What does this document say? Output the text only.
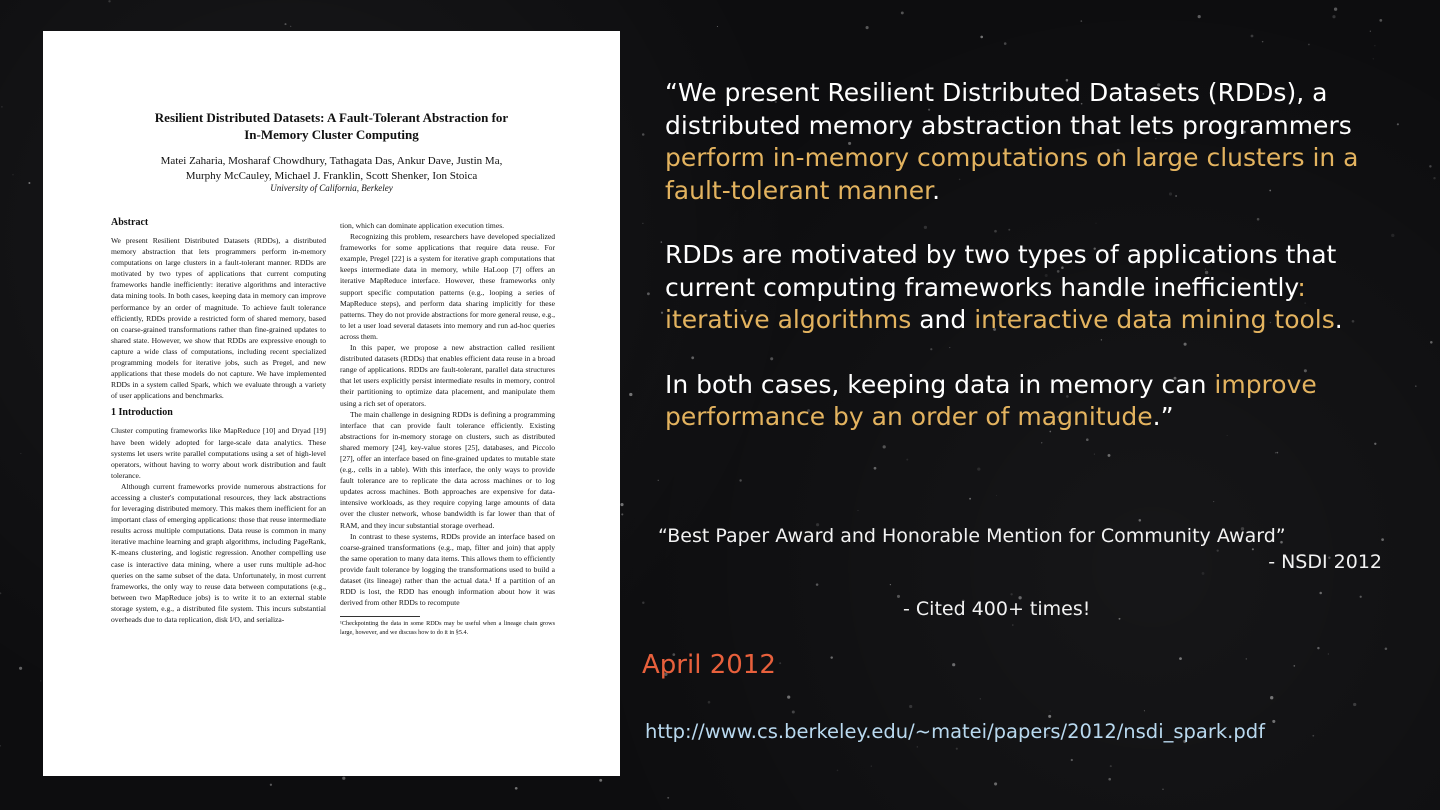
Resilient Distributed Datasets: A Fault-Tolerant Abstraction for
In-Memory Cluster Computing
Matei Zaharia, Mosharaf Chowdhury, Tathagata Das, Ankur Dave, Justin Ma,
Murphy McCauley, Michael J. Franklin, Scott Shenker, Ion Stoica
University of California, Berkeley
Abstract

We present Resilient Distributed Datasets (RDDs), a distributed memory abstraction that lets programmers perform in-memory computations on large clusters in a fault-tolerant manner. RDDs are motivated by two types of applications that current computing frameworks handle inefficiently: iterative algorithms and interactive data mining tools. In both cases, keeping data in memory can improve performance by an order of magnitude. To achieve fault tolerance efficiently, RDDs provide a restricted form of shared memory, based on coarse-grained transformations rather than fine-grained updates to shared state. However, we show that RDDs are expressive enough to capture a wide class of computations, including recent specialized programming models for iterative jobs, such as Pregel, and new applications that these models do not capture. We have implemented RDDs in a system called Spark, which we evaluate through a variety of user applications and benchmarks.

1 Introduction

Cluster computing frameworks like MapReduce [10] and Dryad [19] have been widely adopted for large-scale data analytics. These systems let users write parallel computations using a set of high-level operators, without having to worry about work distribution and fault tolerance.

Although current frameworks provide numerous abstractions for accessing a cluster's computational resources, they lack abstractions for leveraging distributed memory. This makes them inefficient for an important class of emerging applications: those that reuse intermediate results across multiple computations. Data reuse is common in many iterative machine learning and graph algorithms, including PageRank, K-means clustering, and logistic regression. Another compelling use case is interactive data mining, where a user runs multiple ad-hoc queries on the same subset of the data. Unfortunately, in most current frameworks, the only way to reuse data between computations (e.g., between two MapReduce jobs) is to write it to an external stable storage system, e.g., a distributed file system. This incurs substantial overheads due to data replication, disk I/O, and serializa-

tion, which can dominate application execution times.

Recognizing this problem, researchers have developed specialized frameworks for some applications that require data reuse. For example, Pregel [22] is a system for iterative graph computations that keeps intermediate data in memory, while HaLoop [7] offers an iterative MapReduce interface. However, these frameworks only support specific computation patterns (e.g., looping a series of MapReduce steps), and perform data sharing implicitly for these patterns. They do not provide abstractions for more general reuse, e.g., to let a user load several datasets into memory and run ad-hoc queries across them.

In this paper, we propose a new abstraction called resilient distributed datasets (RDDs) that enables efficient data reuse in a broad range of applications. RDDs are fault-tolerant, parallel data structures that let users explicitly persist intermediate results in memory, control their partitioning to optimize data placement, and manipulate them using a rich set of operators.

The main challenge in designing RDDs is defining a programming interface that can provide fault tolerance efficiently. Existing abstractions for in-memory storage on clusters, such as distributed shared memory [24], key-value stores [25], databases, and Piccolo [27], offer an interface based on fine-grained updates to mutable state (e.g., cells in a table). With this interface, the only ways to provide fault tolerance are to replicate the data across machines or to log updates across machines. Both approaches are expensive for data-intensive workloads, as they require copying large amounts of data over the cluster network, whose bandwidth is far lower than that of RAM, and they incur substantial storage overhead.

In contrast to these systems, RDDs provide an interface based on coarse-grained transformations (e.g., map, filter and join) that apply the same operation to many data items. This allows them to efficiently provide fault tolerance by logging the transformations used to build a dataset (its lineage) rather than the actual data.¹ If a partition of an RDD is lost, the RDD has enough information about how it was derived from other RDDs to recompute

¹Checkpointing the data in some RDDs may be useful when a lineage chain grows large, however, and we discuss how to do it in §5.4.

“We present Resilient Distributed Datasets (RDDs), a distributed memory abstraction that lets programmers perform in-memory computations on large clusters in a fault-tolerant manner.

RDDs are motivated by two types of applications that current computing frameworks handle inefficiently: iterative algorithms and interactive data mining tools.

In both cases, keeping data in memory can improve performance by an order of magnitude.”

“Best Paper Award and Honorable Mention for Community Award”
- NSDI 2012
- Cited 400+ times!
April 2012
http://www.cs.berkeley.edu/~matei/papers/2012/nsdi_spark.pdf
